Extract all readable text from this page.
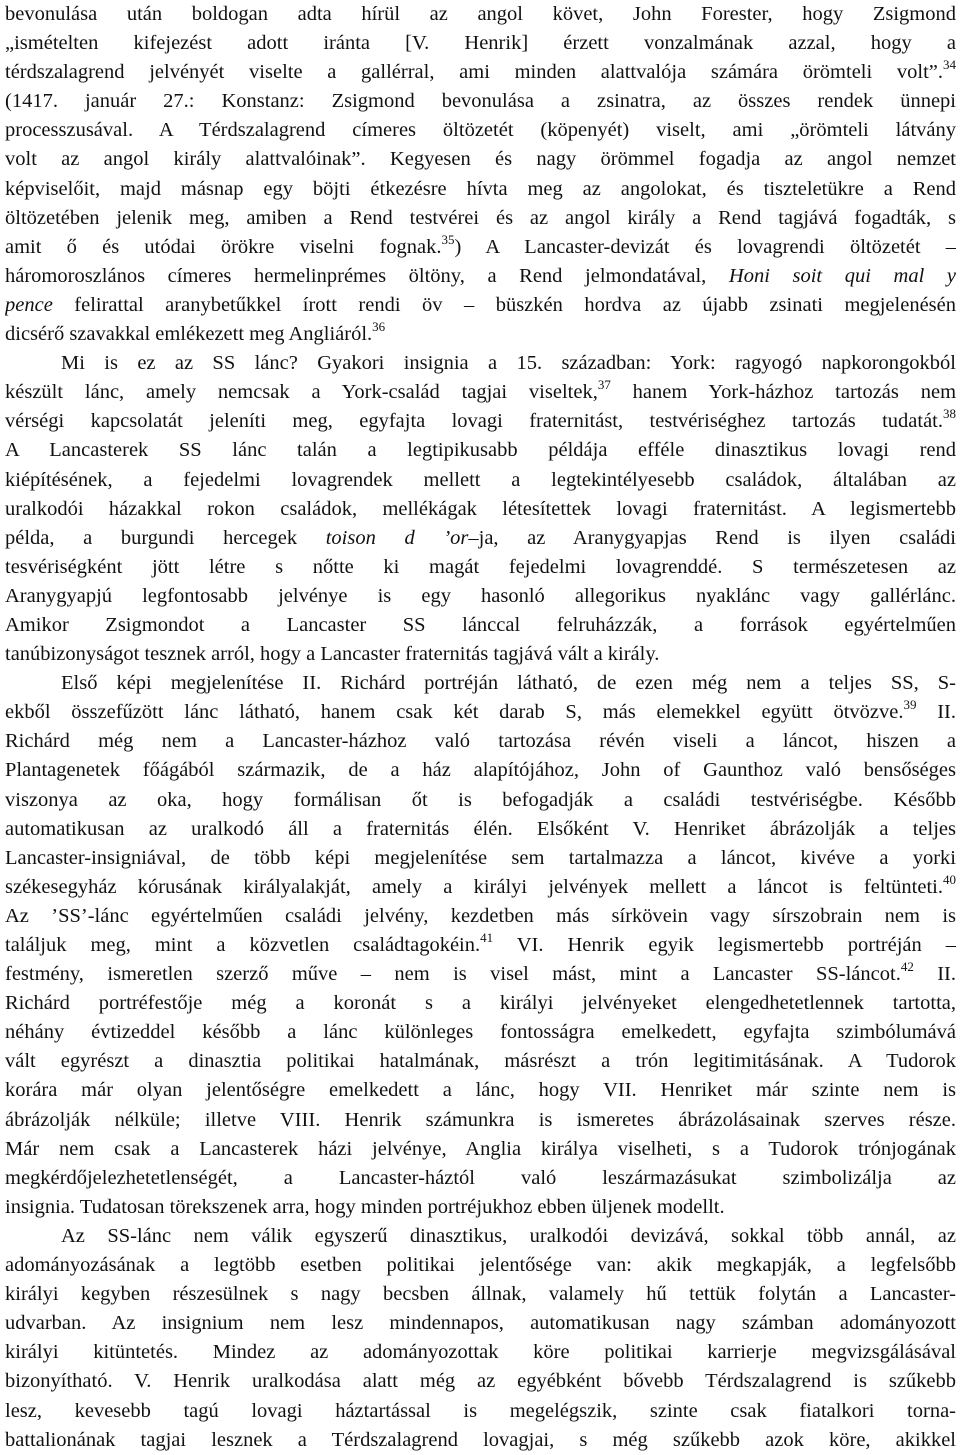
bevonulása után boldogan adta hírül az angol követ, John Forester, hogy Zsigmond
„ismételten kifejezést adott iránta [V. Henrik] érzett vonzalmának azzal, hogy a
térdszalagrend jelvényét viselte a gallérral, ami minden alattvalója számára örömteli volt”.$^{34}$
(1417. január 27.: Konstanz: Zsigmond bevonulása a zsinatra, az összes rendek ünnepi
processzusával. A Térdszalagrend címeres öltözetét (köpenyét) viselt, ami „örömteli látvány
volt az angol király alattvalóinak”. Kegyesen és nagy örömmel fogadja az angol nemzet
képviselőit, majd másnap egy böjti étkezésre hívta meg az angolokat, és tiszteletükre a Rend
öltözetében jelenik meg, amiben a Rend testvérei és az angol király a Rend tagjává fogadták, s
amit ő és utódai örökre viselni fognak.$^{35}$) A Lancaster-devizát és lovagrendi öltözetét –
háromoroszlános címeres hermelinprémes öltöny, a Rend jelmondatával, Honi soit qui mal y
pence felirattal aranybetűkkel írott rendi öv – büszkén hordva az újabb zsinati megjelenésén
dicsérő szavakkal emlékezett meg Angliáról.$^{36}$

Mi is ez az SS lánc? Gyakori insignia a 15. században: York: ragyogó napkorongokból
készült lánc, amely nemcsak a York-család tagjai viseltek,$^{37}$ hanem York-házhoz tartozás nem
vérségi kapcsolatát jeleníti meg, egyfajta lovagi fraternitást, testvériséghez tartozás tudatát.$^{38}$
A Lancasterek SS lánc talán a legtipikusabb példája efféle dinasztikus lovagi rend
kiépítésének, a fejedelmi lovagrendek mellett a legtekintélyesebb családok, általában az
uralkodói házakkal rokon családok, mellékágak létesítettek lovagi fraternitást. A legismertebb
példa, a burgundi hercegek toison d ’or–ja, az Aranygyapjas Rend is ilyen családi
tesvériségként jött létre s nőtte ki magát fejedelmi lovagrenddé. S természetesen az
Aranygyapjú legfontosabb jelvénye is egy hasonló allegorikus nyaklánc vagy gallérlánc.
Amikor Zsigmondot a Lancaster SS lánccal felruházzák, a források egyértelműen
tanúbizonyságot tesznek arról, hogy a Lancaster fraternitás tagjává vált a király.

Első képi megjelenítése II. Richárd portréján látható, de ezen még nem a teljes SS, S-
ekből összefűzött lánc látható, hanem csak két darab S, más elemekkel együtt ötvözve.$^{39}$ II.
Richárd még nem a Lancaster-házhoz való tartozása révén viseli a láncot, hiszen a
Plantagenetek főágából származik, de a ház alapítójához, John of Gaunthoz való bensőséges
viszonya az oka, hogy formálisan őt is befogadják a családi testvériségbe. Később
automatikusan az uralkodó áll a fraternitás élén. Elsőként V. Henriket ábrázolják a teljes
Lancaster-insigniával, de több képi megjelenítése sem tartalmazza a láncot, kivéve a yorki
székesegyház kórusának királyalakját, amely a királyi jelvények mellett a láncot is feltünteti.$^{40}$
Az ’SS’-lánc egyértelműen családi jelvény, kezdetben más sírkövein vagy sírszobrain nem is
találjuk meg, mint a közvetlen családtagokéin.$^{41}$ VI. Henrik egyik legismertebb portréján –
festmény, ismeretlen szerző műve – nem is visel mást, mint a Lancaster SS-láncot.$^{42}$ II.
Richárd portréfestője még a koronát s a királyi jelvényeket elengedhetetlennek tartotta,
néhány évtizeddel később a lánc különleges fontosságra emelkedett, egyfajta szimbólumává
vált egyrészt a dinasztia politikai hatalmának, másrészt a trón legitimitásának. A Tudorok
korára már olyan jelentőségre emelkedett a lánc, hogy VII. Henriket már szinte nem is
ábrázolják nélküle; illetve VIII. Henrik számunkra is ismeretes ábrázolásainak szerves része.
Már nem csak a Lancasterek házi jelvénye, Anglia királya viselheti, s a Tudorok trónjogának
megkérdőjelezhetetlenségét, a Lancaster-háztól való leszármazásukat szimbolizálja az
insignia. Tudatosan törekszenek arra, hogy minden portréjukhoz ebben üljenek modellt.

Az SS-lánc nem válik egyszerű dinasztikus, uralkodói devizává, sokkal több annál, az
adományozásának a legtöbb esetben politikai jelentősége van: akik megkapják, a legfelsőbb
királyi kegyben részesülnek s nagy becsben állnak, valamely hű tettük folytán a Lancaster-
udvarban. Az insignium nem lesz mindennapos, automatikusan nagy számban adományozott
királyi kitüntetés. Mindez az adományozottak köre politikai karrierje megvizsgálásával
bizonyítható. V. Henrik uralkodása alatt még az egyébként bővebb Térdszalagrend is szűkebb
lesz, kevesebb tagú lovagi háztartással is megelégszik, szinte csak fiatalkori torna-
battalionának tagjai lesznek a Térdszalagrend lovagjai, s még szűkebb azok köre, akikkel
